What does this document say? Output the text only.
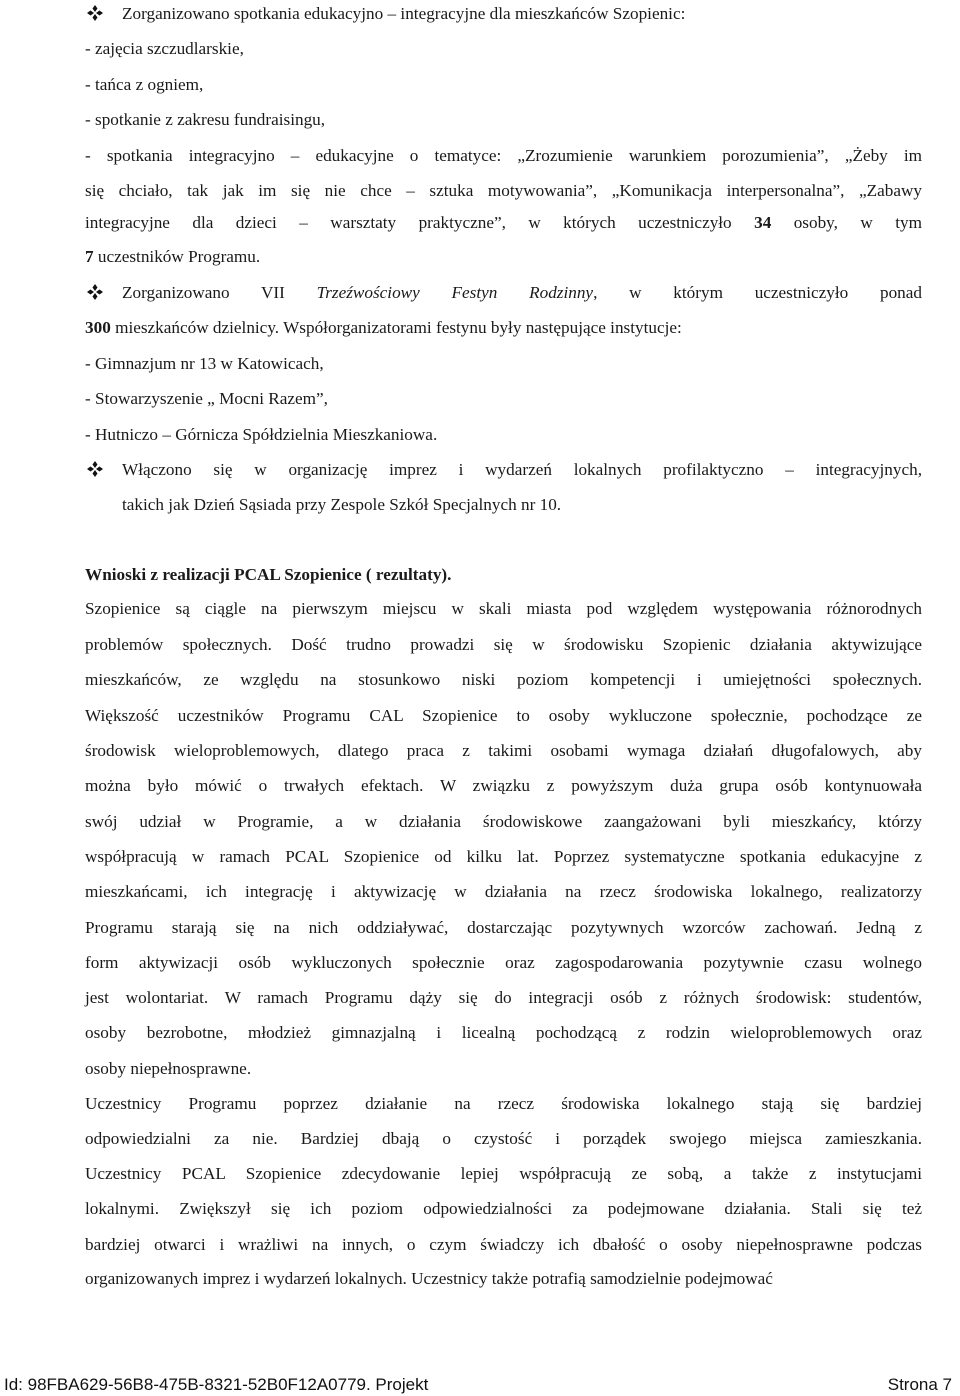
Zorganizowano spotkania edukacyjno – integracyjne dla mieszkańców Szopienic:
- zajęcia szczudlarskie,
- tańca z ogniem,
- spotkanie z zakresu fundraisingu,
- spotkania integracyjno – edukacyjne o tematyce: „Zrozumienie warunkiem porozumienia”, „Żeby im
się chciało, tak jak im się nie chce – sztuka motywowania”, „Komunikacja interpersonalna”, „Zabawy
integracyjne dla dzieci – warsztaty praktyczne”, w których uczestniczyło 34 osoby, w tym
7 uczestników Programu.
Zorganizowano VII Trzeźwościowy Festyn Rodzinny, w którym uczestniczyło ponad
300 mieszkańców dzielnicy. Współorganizatorami festynu były następujące instytucje:
- Gimnazjum nr 13 w Katowicach,
- Stowarzyszenie „ Mocni Razem”,
- Hutniczo – Górnicza Spółdzielnia Mieszkaniowa.
Włączono się w organizację imprez i wydarzeń lokalnych profilaktyczno – integracyjnych,
takich jak Dzień Sąsiada przy Zespole Szkół Specjalnych nr 10.
Wnioski z realizacji PCAL Szopienice ( rezultaty).
Szopienice są ciągle na pierwszym miejscu w skali miasta pod względem występowania różnorodnych
problemów społecznych. Dość trudno prowadzi się w środowisku Szopienic działania aktywizujące
mieszkańców, ze względu na stosunkowo niski poziom kompetencji i umiejętności społecznych.
Większość uczestników Programu CAL Szopienice to osoby wykluczone społecznie, pochodzące ze
środowisk wieloproblemowych, dlatego praca z takimi osobami wymaga działań długofalowych, aby
można było mówić o trwałych efektach. W związku z powyższym duża grupa osób kontynuowała
swój udział w Programie, a w działania środowiskowe zaangażowani byli mieszkańcy, którzy
współpracują w ramach PCAL Szopienice od kilku lat. Poprzez systematyczne spotkania edukacyjne z
mieszkańcami, ich integrację i aktywizację w działania na rzecz środowiska lokalnego, realizatorzy
Programu starają się na nich oddziaływać, dostarczając pozytywnych wzorców zachowań. Jedną z
form aktywizacji osób wykluczonych społecznie oraz zagospodarowania pozytywnie czasu wolnego
jest wolontariat. W ramach Programu dąży się do integracji osób z różnych środowisk: studentów,
osoby bezrobotne, młodzież gimnazjalną i licealną pochodzącą z rodzin wieloproblemowych oraz
osoby niepełnosprawne.
Uczestnicy Programu poprzez działanie na rzecz środowiska lokalnego stają się bardziej
odpowiedzialni za nie. Bardziej dbają o czystość i porządek swojego miejsca zamieszkania.
Uczestnicy PCAL Szopienice zdecydowanie lepiej współpracują ze sobą, a także z instytucjami
lokalnymi. Zwiększył się ich poziom odpowiedzialności za podejmowane działania. Stali się też
bardziej otwarci i wrażliwi na innych, o czym świadczy ich dbałość o osoby niepełnosprawne podczas
organizowanych imprez i wydarzeń lokalnych. Uczestnicy także potrafią samodzielnie podejmować
Id: 98FBA629-56B8-475B-8321-52B0F12A0779. Projekt	Strona 7
